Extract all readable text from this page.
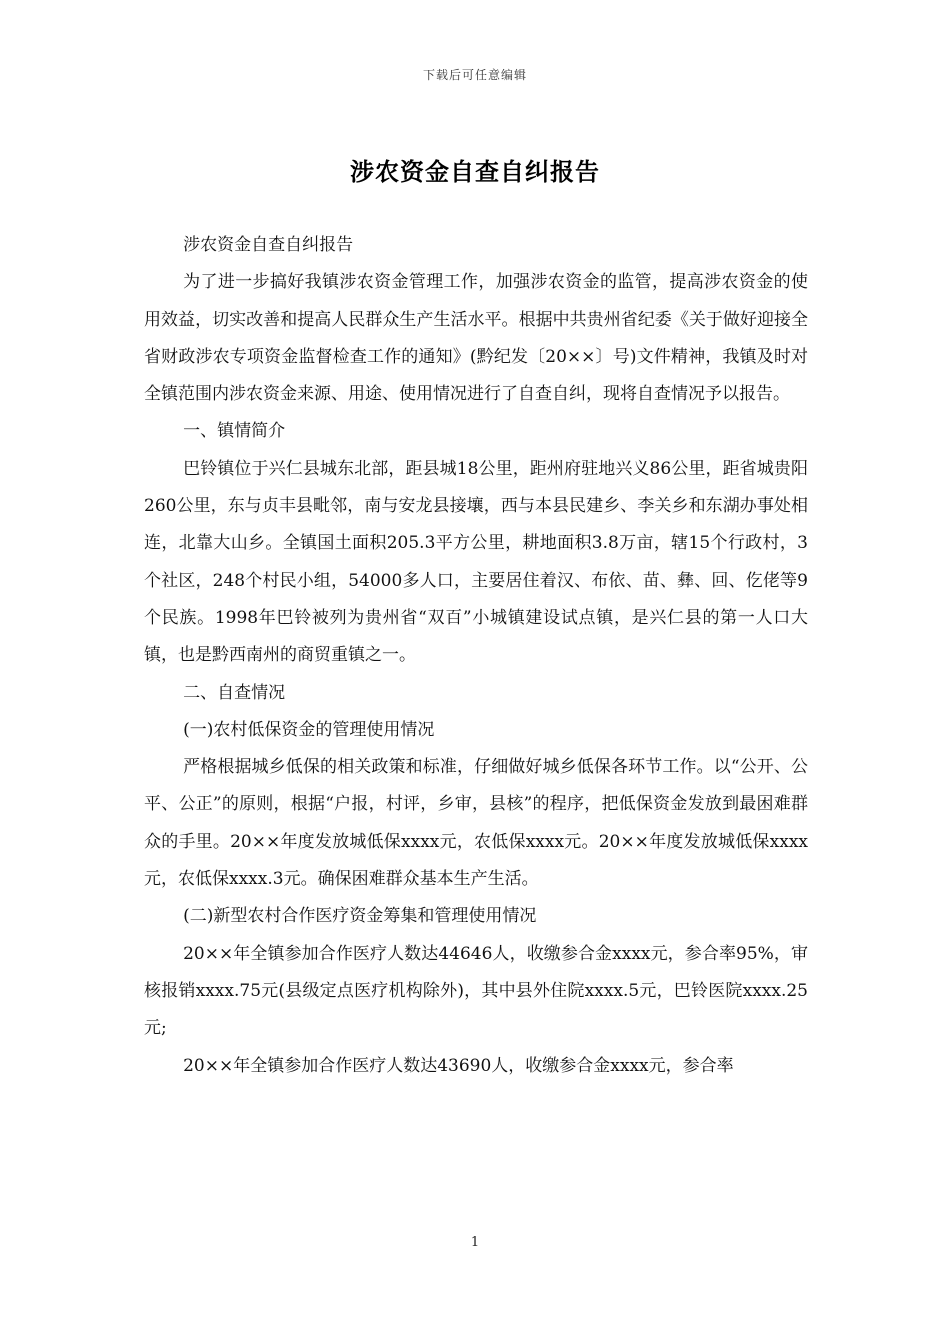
下载后可任意编辑
涉农资金自查自纠报告

涉农资金自查自纠报告

为了进一步搞好我镇涉农资金管理工作，加强涉农资金的监管，提高涉农资金的使用效益，切实改善和提高人民群众生产生活水平。根据中共贵州省纪委《关于做好迎接全省财政涉农专项资金监督检查工作的通知》(黔纪发〔20××〕号)文件精神，我镇及时对全镇范围内涉农资金来源、用途、使用情况进行了自查自纠，现将自查情况予以报告。

一、镇情简介

巴铃镇位于兴仁县城东北部，距县城18公里，距州府驻地兴义86公里，距省城贵阳260公里，东与贞丰县毗邻，南与安龙县接壤，西与本县民建乡、李关乡和东湖办事处相连，北靠大山乡。全镇国土面积205.3平方公里，耕地面积3.8万亩，辖15个行政村，3个社区，248个村民小组，54000多人口，主要居住着汉、布依、苗、彝、回、仡佬等9个民族。1998年巴铃被列为贵州省“双百”小城镇建设试点镇，是兴仁县的第一人口大镇，也是黔西南州的商贸重镇之一。

二、自查情况

(一)农村低保资金的管理使用情况

严格根据城乡低保的相关政策和标准，仔细做好城乡低保各环节工作。以“公开、公平、公正”的原则，根据“户报，村评，乡审，县核”的程序，把低保资金发放到最困难群众的手里。20××年度发放城低保xxxx元，农低保xxxx元。20××年度发放城低保xxxx元，农低保xxxx.3元。确保困难群众基本生产生活。

(二)新型农村合作医疗资金筹集和管理使用情况

20××年全镇参加合作医疗人数达44646人，收缴参合金xxxx元，参合率95%，审核报销xxxx.75元(县级定点医疗机构除外)，其中县外住院xxxx.5元，巴铃医院xxxx.25元;

20××年全镇参加合作医疗人数达43690人，收缴参合金xxxx元，参合率

1
